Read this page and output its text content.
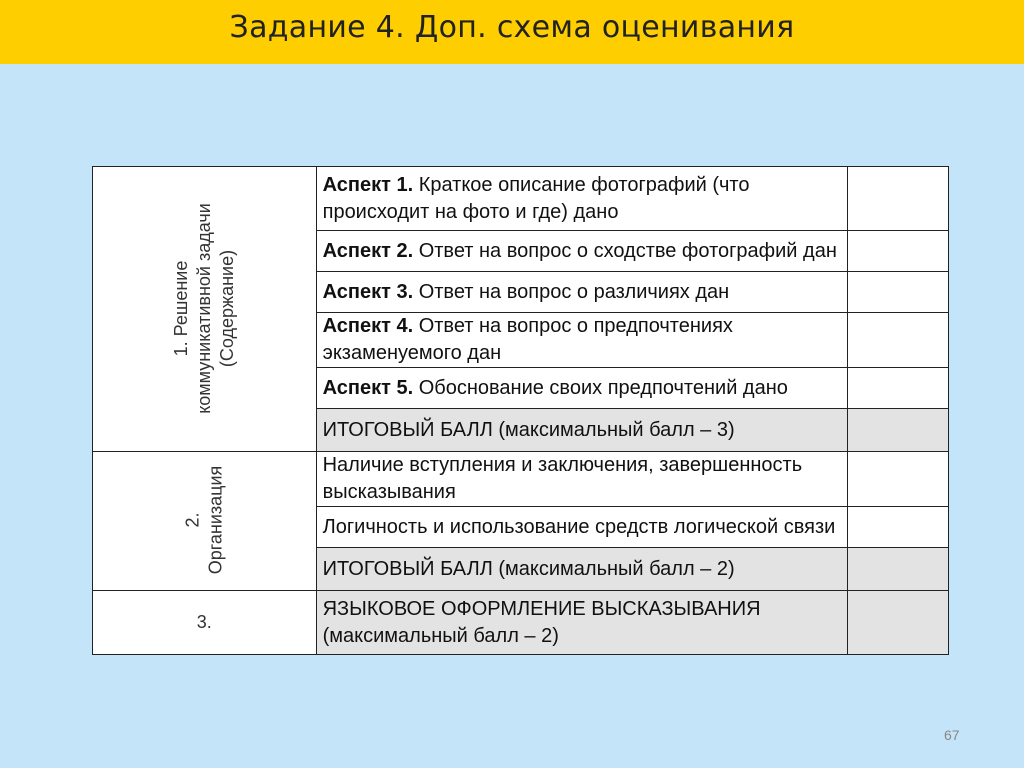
Задание 4. Доп. схема оценивания
1. Решение коммуникативной задачи (Содержание)	Аспект 1. Краткое описание фотографий (что происходит на фото и где) дано	
	Аспект 2. Ответ на вопрос о сходстве фотографий дан	
	Аспект 3. Ответ на вопрос о различиях дан	
	Аспект 4. Ответ на вопрос о предпочтениях экзаменуемого дан	
	Аспект 5. Обоснование своих предпочтений дано	
	ИТОГОВЫЙ БАЛЛ (максимальный балл – 3)	

2. Организация	Наличие вступления и заключения, завершенность высказывания	
	Логичность и использование средств логической связи	
	ИТОГОВЫЙ БАЛЛ (максимальный балл – 2)	
3.	ЯЗЫКОВОЕ ОФОРМЛЕНИЕ ВЫСКАЗЫВАНИЯ (максимальный балл – 2)	
67
